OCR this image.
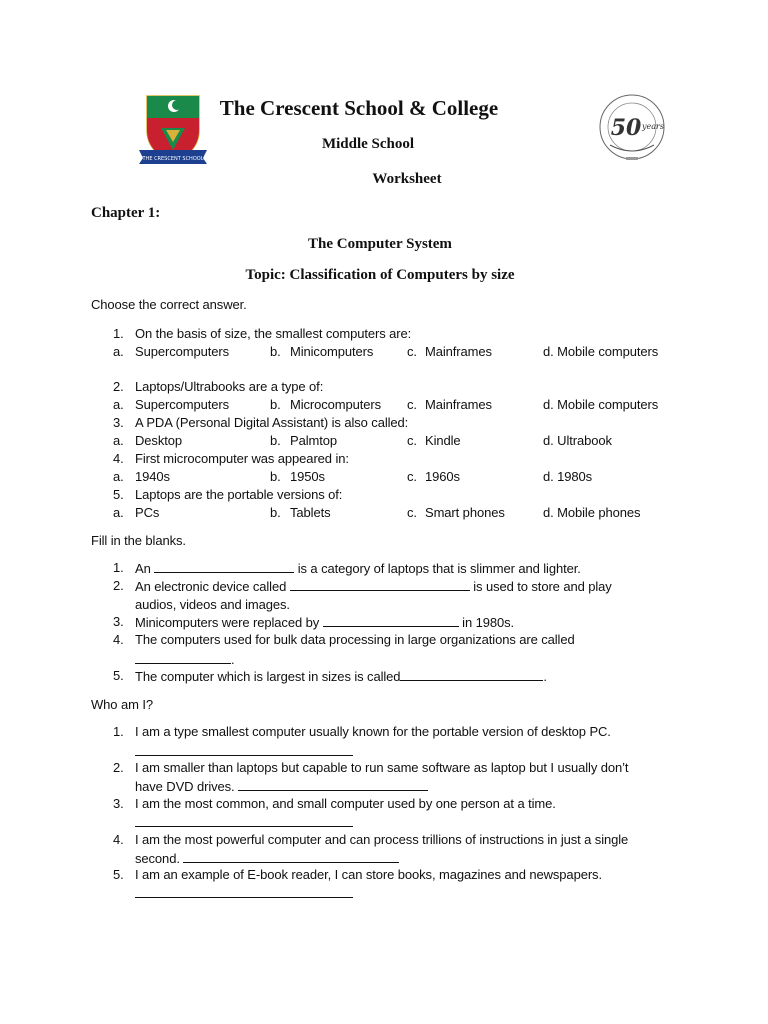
THE CRESCENT SCHOOL
50 years
The Crescent School & College
Middle School
Worksheet
Chapter 1:
The Computer System
Topic: Classification of Computers by size
Choose the correct answer.
1. On the basis of size, the smallest computers are:
a. Supercomputers	b. Minicomputers	c. Mainframes	d. Mobile computers
2. Laptops/Ultrabooks are a type of:
a. Supercomputers	b. Microcomputers c. Mainframes	d. Mobile computers
3. A PDA (Personal Digital Assistant) is also called:
a. Desktop	b. Palmtop	c. Kindle	d. Ultrabook
4. First microcomputer was appeared in:
a. 1940s	b. 1950s	c. 1960s	d. 1980s
5. Laptops are the portable versions of:
a. PCs	b. Tablets	c. Smart phones	d. Mobile phones
Fill in the blanks.
1. An	is a category of laptops that is slimmer and lighter.
2. An electronic device called	is used to store and play
audios, videos and images.
3. Minicomputers were replaced by	in 1980s.
4. The computers used for bulk data processing in large organizations are called
.
5. The computer which is largest in sizes is called	.
Who am I?
1. I am a type smallest computer usually known for the portable version of desktop PC.
2. I am smaller than laptops but capable to run same software as laptop but I usually don’t
have DVD drives.
3. I am the most common, and small computer used by one person at a time.
4. I am the most powerful computer and can process trillions of instructions in just a single
second.
5. I am an example of E-book reader, I can store books, magazines and newspapers.
